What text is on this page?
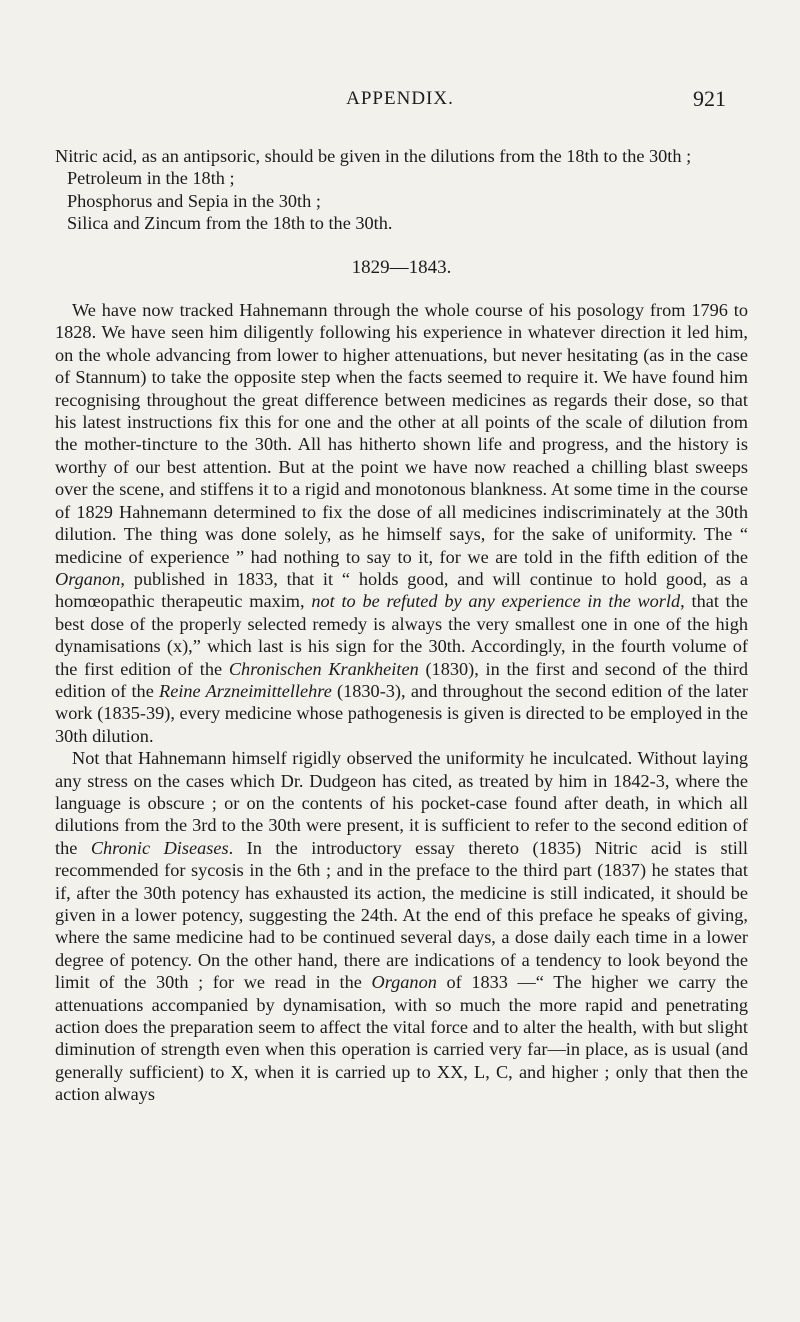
APPENDIX.	921

Nitric acid, as an antipsoric, should be given in the dilutions from the 18th to the 30th ;

Petroleum in the 18th ;

Phosphorus and Sepia in the 30th ;

Silica and Zincum from the 18th to the 30th.

1829—1843.

We have now tracked Hahnemann through the whole course of his posology from 1796 to 1828. We have seen him diligently following his experience in whatever direction it led him, on the whole advancing from lower to higher attenuations, but never hesitating (as in the case of Stannum) to take the opposite step when the facts seemed to require it. We have found him recognising throughout the great difference between medicines as regards their dose, so that his latest instructions fix this for one and the other at all points of the scale of dilution from the mother-tincture to the 30th. All has hitherto shown life and progress, and the history is worthy of our best attention. But at the point we have now reached a chilling blast sweeps over the scene, and stiffens it to a rigid and monotonous blankness. At some time in the course of 1829 Hahnemann determined to fix the dose of all medicines indiscriminately at the 30th dilution. The thing was done solely, as he himself says, for the sake of uniformity. The “ medicine of experience ” had nothing to say to it, for we are told in the fifth edition of the Organon, published in 1833, that it “ holds good, and will continue to hold good, as a homœopathic therapeutic maxim, not to be refuted by any experience in the world, that the best dose of the properly selected remedy is always the very smallest one in one of the high dynamisations (x),” which last is his sign for the 30th. Accordingly, in the fourth volume of the first edition of the Chronischen Krankheiten (1830), in the first and second of the third edition of the Reine Arzneimittellehre (1830-3), and throughout the second edition of the later work (1835-39), every medicine whose pathogenesis is given is directed to be employed in the 30th dilution.

Not that Hahnemann himself rigidly observed the uniformity he inculcated. Without laying any stress on the cases which Dr. Dudgeon has cited, as treated by him in 1842-3, where the language is obscure ; or on the contents of his pocket-case found after death, in which all dilutions from the 3rd to the 30th were present, it is sufficient to refer to the second edition of the Chronic Diseases. In the introductory essay thereto (1835) Nitric acid is still recommended for sycosis in the 6th ; and in the preface to the third part (1837) he states that if, after the 30th potency has exhausted its action, the medicine is still indicated, it should be given in a lower potency, suggesting the 24th. At the end of this preface he speaks of giving, where the same medicine had to be continued several days, a dose daily each time in a lower degree of potency. On the other hand, there are indications of a tendency to look beyond the limit of the 30th ; for we read in the Organon of 1833 —“ The higher we carry the attenuations accompanied by dynamisation, with so much the more rapid and penetrating action does the preparation seem to affect the vital force and to alter the health, with but slight diminution of strength even when this operation is carried very far—in place, as is usual (and generally sufficient) to X, when it is carried up to XX, L, C, and higher ; only that then the action always
